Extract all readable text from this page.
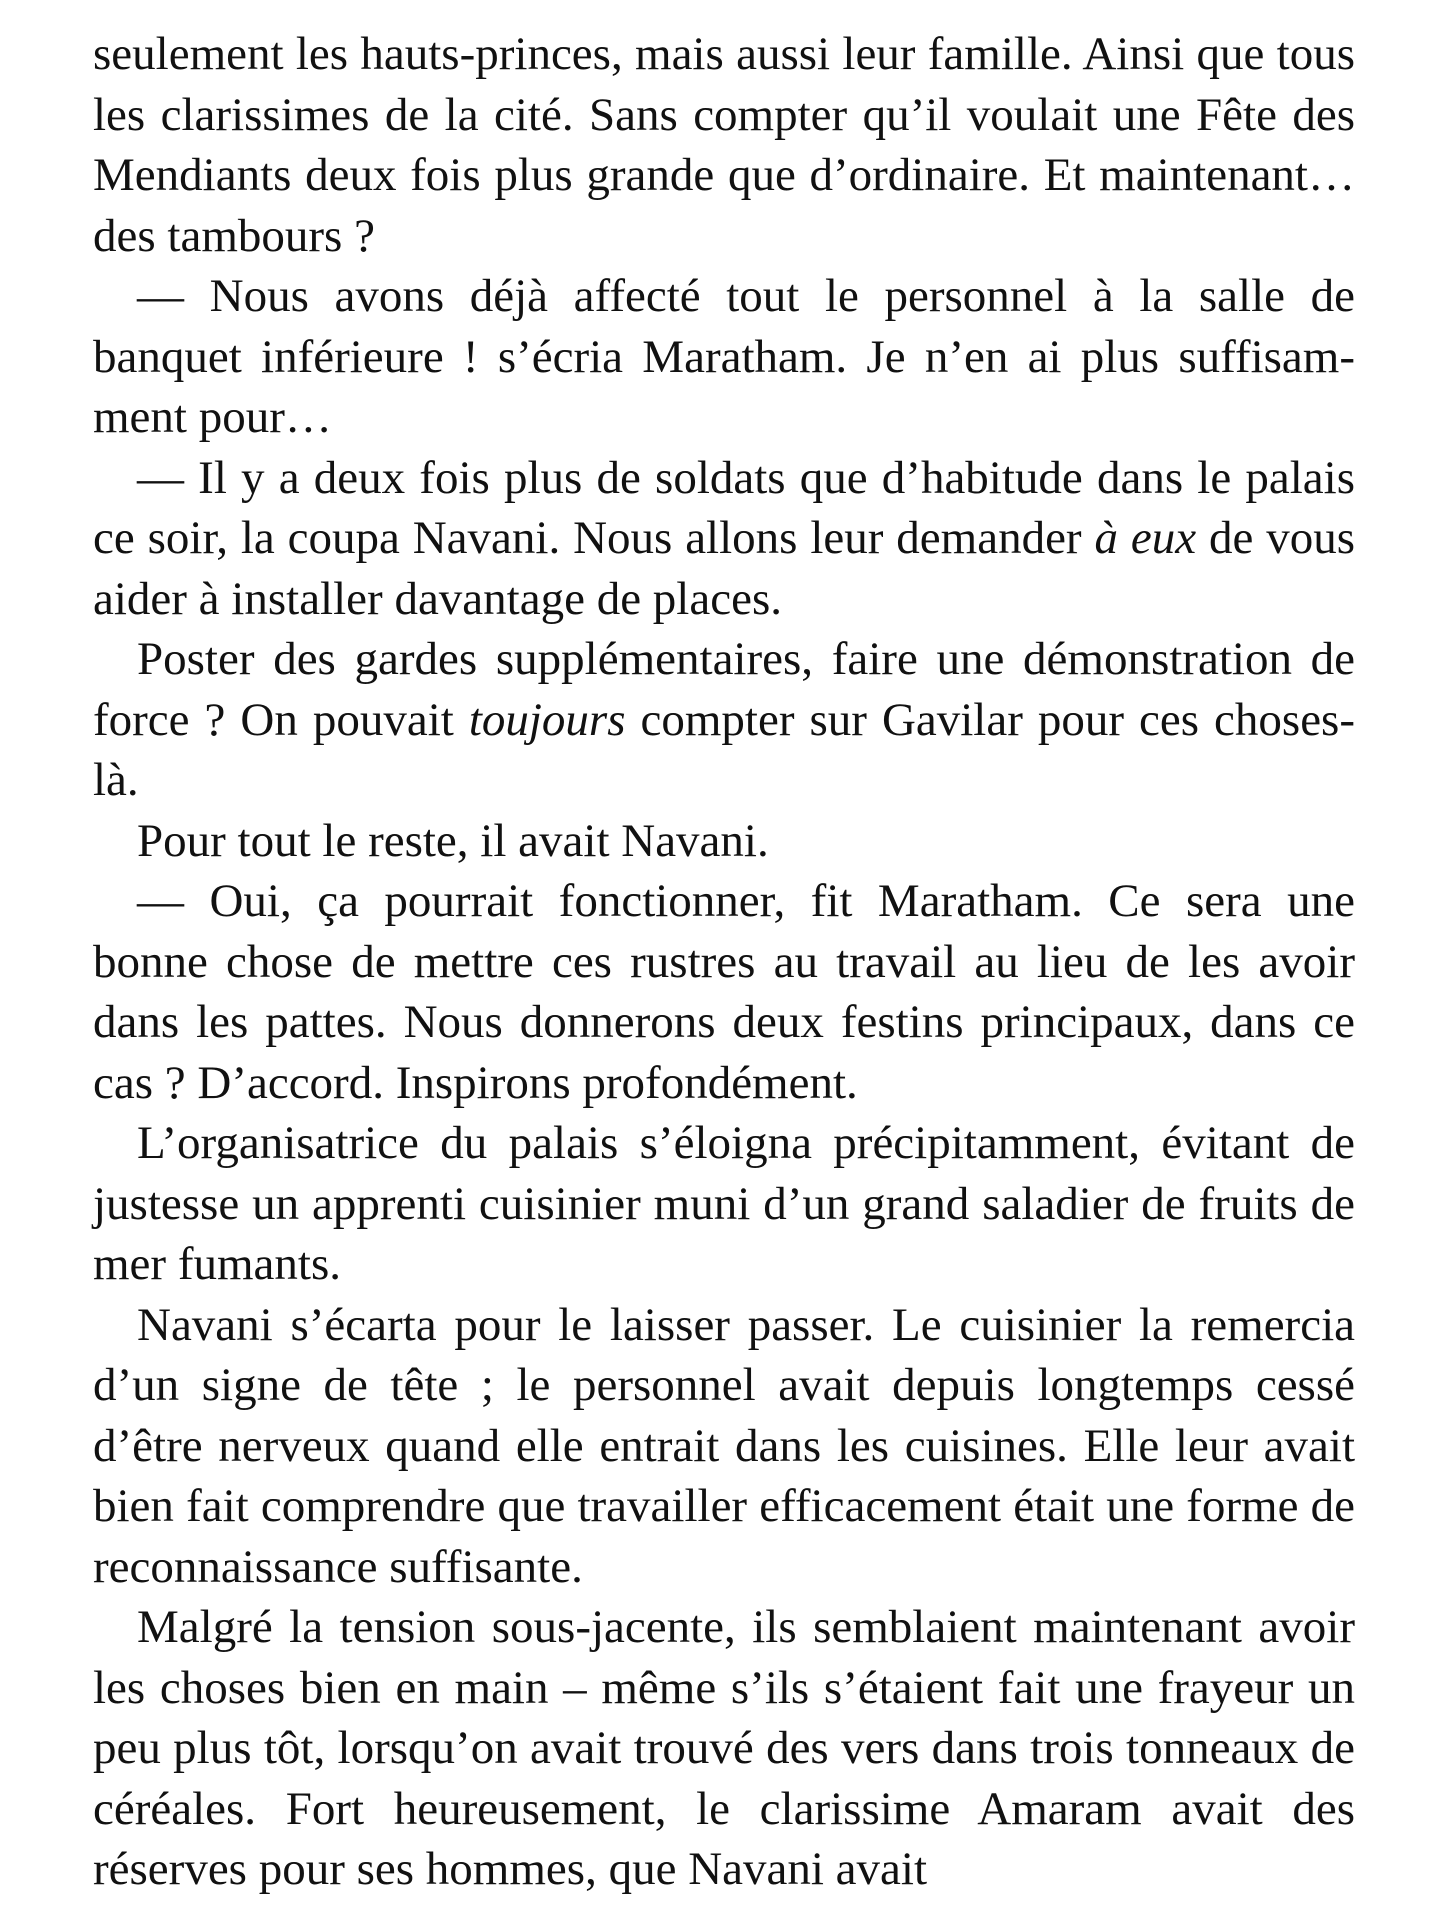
seulement les hauts-princes, mais aussi leur famille. Ainsi que tous les clarissimes de la cité. Sans compter qu’il voulait une Fête des Mendiants deux fois plus grande que d’ordinaire. Et maintenant… des tambours ?

— Nous avons déjà affecté tout le personnel à la salle de banquet inférieure ! s’écria Maratham. Je n’en ai plus suffisamment pour…

— Il y a deux fois plus de soldats que d’habitude dans le palais ce soir, la coupa Navani. Nous allons leur demander à eux de vous aider à installer davantage de places.

Poster des gardes supplémentaires, faire une démonstration de force ? On pouvait toujours compter sur Gavilar pour ces choses-là.

Pour tout le reste, il avait Navani.

— Oui, ça pourrait fonctionner, fit Maratham. Ce sera une bonne chose de mettre ces rustres au travail au lieu de les avoir dans les pattes. Nous donnerons deux festins principaux, dans ce cas ? D’accord. Inspirons profondément.

L’organisatrice du palais s’éloigna précipitamment, évitant de justesse un apprenti cuisinier muni d’un grand saladier de fruits de mer fumants.

Navani s’écarta pour le laisser passer. Le cuisinier la remercia d’un signe de tête ; le personnel avait depuis longtemps cessé d’être nerveux quand elle entrait dans les cuisines. Elle leur avait bien fait comprendre que travailler efficacement était une forme de reconnaissance suffisante.

Malgré la tension sous-jacente, ils semblaient maintenant avoir les choses bien en main – même s’ils s’étaient fait une frayeur un peu plus tôt, lorsqu’on avait trouvé des vers dans trois tonneaux de céréales. Fort heureusement, le clarissime Amaram avait des réserves pour ses hommes, que Navani avait
